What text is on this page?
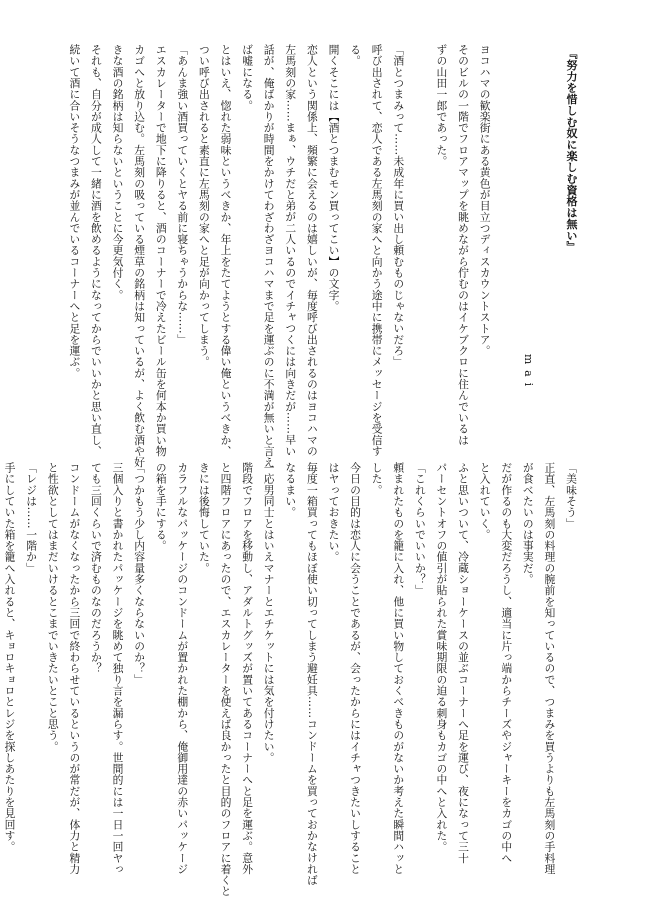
『努力を惜しむ奴に楽しむ資格は無い』
mai
ヨコハマの歓楽街にある黄色が目立つディスカウントストア。
そのビルの一階でフロアマップを眺めながら佇むのはイケブクロに住んでいるは
ずの山田一郎であった。
「酒とつまみって……未成年に買い出し頼むものじゃないだろ」
呼び出されて、恋人である左馬刻の家へと向かう途中に携帯にメッセージを受信す
る。
開くそこには【酒とつまむモン買ってこい】の文字。
恋人という関係上、頻繁に会えるのは嬉しいが、毎度呼び出されるのはヨコハマの
左馬刻の家……まぁ、ウチだと弟が二人いるのでイチャつくには向きだが……早い
話が、俺ばかりが時間をかけてわざわざヨコハマまで足を運ぶのに不満が無いと言え
ば嘘になる。
とはいえ、惚れた弱味というべきか、年上をたてようとする偉い俺というべきか、
つい呼び出されると素直に左馬刻の家へと足が向かってしまう。
「あんま強い酒買っていくとヤる前に寝ちゃうからな……」
エスカレーターで地下に降りると、酒のコーナーで冷えたビール缶を何本か買い物
カゴへと放り込む。左馬刻の吸っている煙草の銘柄は知っているが、よく飲む酒や好
きな酒の銘柄は知らないということに今更気付く。
それも、自分が成人して一緒に酒を飲めるようになってからでいいかと思い直し、
続いて酒に合いそうなつまみが並んでいるコーナーへと足を運ぶ。
「美味そう」
正直、左馬刻の料理の腕前を知っているので、つまみを買うよりも左馬刻の手料理
が食べたいのは事実だ。
だが作るのも大変だろうし、適当に片っ端からチーズやジャーキーをカゴの中へ
と入れていく。
ふと思いついて、冷蔵ショーケースの並ぶコーナーへ足を運び、夜になって三十
パーセントオフの値引が貼られた賞味期限の迫る刺身もカゴの中へと入れた。
「これくらいでいいか？」
頼まれたものを籠に入れ、他に買い物しておくべきものがないか考えた瞬間ハッと
した。
今日の目的は恋人に会うことであるが、会ったからにはイチャつきたいしすること
はヤっておきたい。
毎度一箱買ってもほぼ使い切ってしまう避妊具……コンドームを買っておかなければ
なるまい。
一応男同士とはいえマナーとエチケットには気を付けたい。
階段でフロアを移動し、アダルトグッズが置いてあるコーナーへと足を運ぶ。意外
と四階フロアにあったので、エスカレーターを使えば良かったと目的のフロアに着くと
きには後悔していた。
カラフルなパッケージのコンドームが置かれた棚から、俺御用達の赤いパッケージ
の箱を手にする。
「つかもう少し内容量多くならないのか？」
三個入りと書かれたパッケージを眺めて独り言を漏らす。世間的には一日一回ヤっ
ても三回くらいで済むものなのだろうか？
コンドームがなくなったから三回で終わらせているというのが常だが、体力と精力
と性欲としてはまだいけるとこまでいきたいとこと思う。
「レジは……一階か」
手にしていた箱を籠へ入れると、キョロキョロとレジを探しあたりを見回す。
